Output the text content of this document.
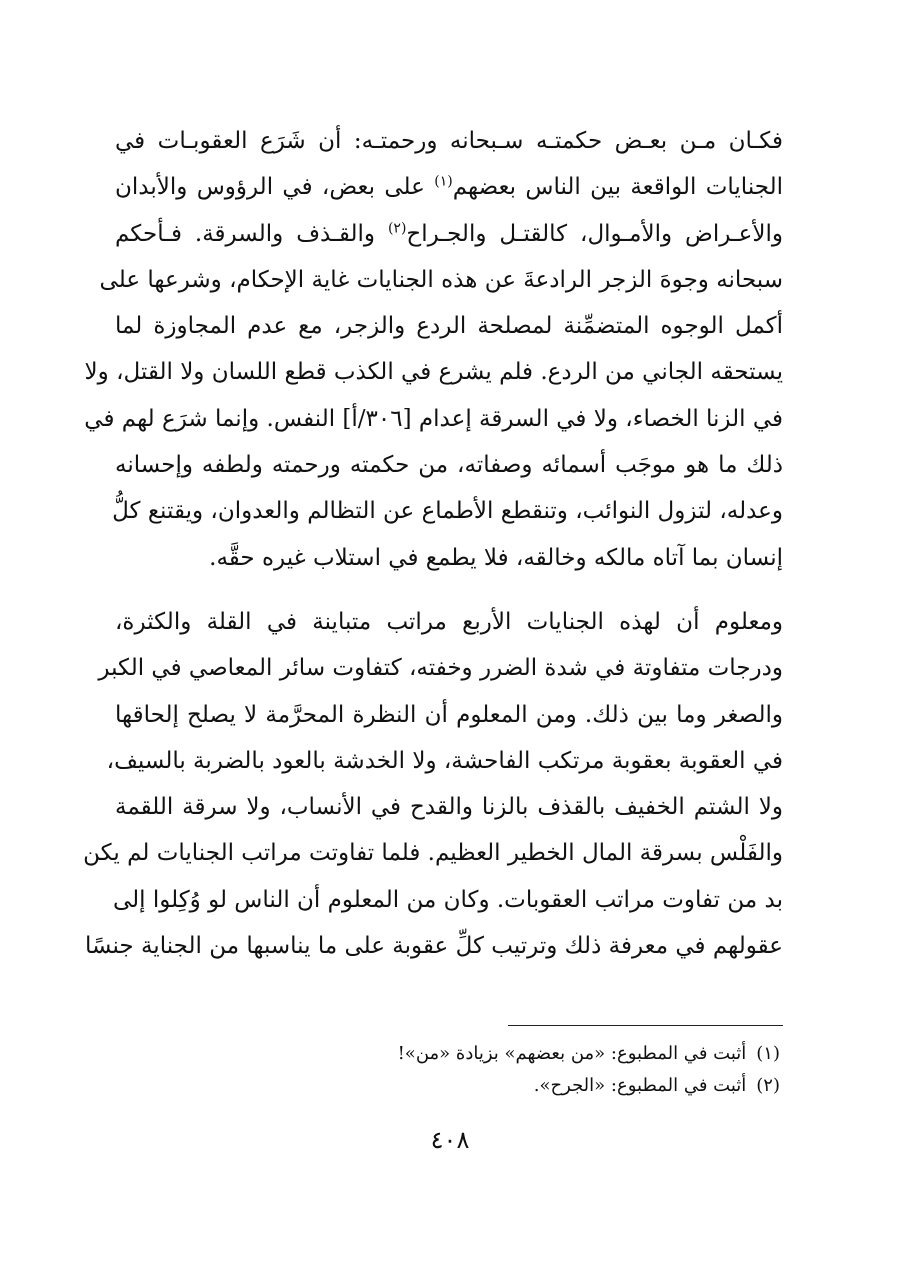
فكـان مـن بعـض حكمتـه سـبحانه ورحمتـه: أن شَرَع العقوبـات في
الجنايات الواقعة بين الناس بعضهم$^{(١)}$ على بعض، في الرؤوس والأبدان
والأعـراض والأمـوال، كالقتـل والجـراح$^{(٢)}$ والقـذف والسرقة. فـأحكم
سبحانه وجوهَ الزجر الرادعةَ عن هذه الجنايات غاية الإحكام، وشرعها على
أكمل الوجوه المتضمِّنة لمصلحة الردع والزجر، مع عدم المجاوزة لما
يستحقه الجاني من الردع. فلم يشرع في الكذب قطع اللسان ولا القتل، ولا
في الزنا الخصاء، ولا في السرقة إعدام [٣٠٦/أ] النفس. وإنما شرَع لهم في
ذلك ما هو موجَب أسمائه وصفاته، من حكمته ورحمته ولطفه وإحسانه
وعدله، لتزول النوائب، وتنقطع الأطماع عن التظالم والعدوان، ويقتنع كلُّ
إنسان بما آتاه مالكه وخالقه، فلا يطمع في استلاب غيره حقَّه.

ومعلوم أن لهذه الجنايات الأربع مراتب متباينة في القلة والكثرة،
ودرجات متفاوتة في شدة الضرر وخفته، كتفاوت سائر المعاصي في الكبر
والصغر وما بين ذلك. ومن المعلوم أن النظرة المحرَّمة لا يصلح إلحاقها
في العقوبة بعقوبة مرتكب الفاحشة، ولا الخدشة بالعود بالضربة بالسيف،
ولا الشتم الخفيف بالقذف بالزنا والقدح في الأنساب، ولا سرقة اللقمة
والفَلْس بسرقة المال الخطير العظيم. فلما تفاوتت مراتب الجنايات لم يكن
بد من تفاوت مراتب العقوبات. وكان من المعلوم أن الناس لو وُكِلوا إلى
عقولهم في معرفة ذلك وترتيب كلِّ عقوبة على ما يناسبها من الجناية جنسًا

(١)أثبت في المطبوع: «من بعضهم» بزيادة «من»!
(٢)أثبت في المطبوع: «الجرح».
٤٠٨
